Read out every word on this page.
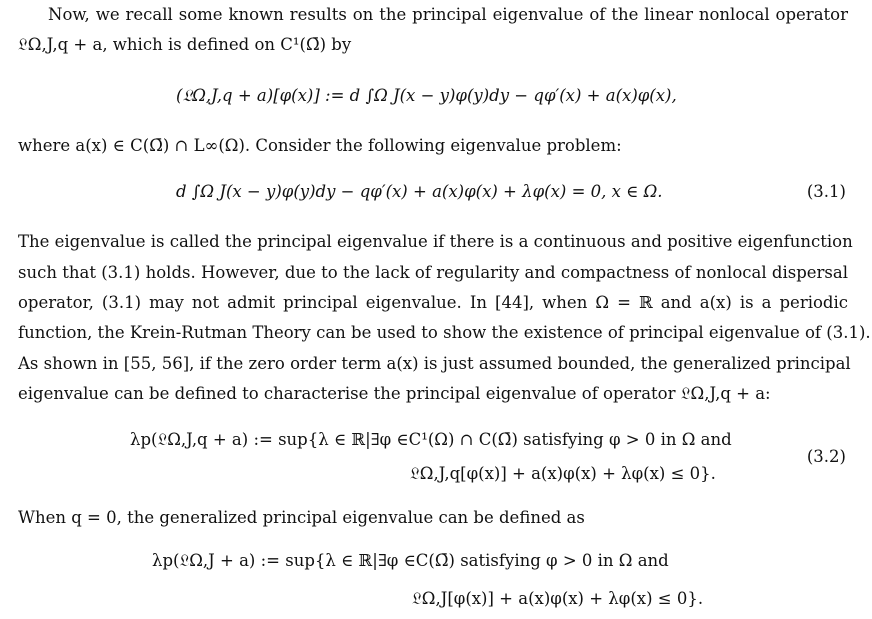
Now, we recall some known results on the principal eigenvalue of the linear nonlocal operator
𝔏Ω,J,q + a, which is defined on C¹(Ω̄) by
(𝔏Ω,J,q + a)[φ(x)] := d ∫Ω J(x − y)φ(y)dy − qφ′(x) + a(x)φ(x),
where a(x) ∈ C(Ω̄) ∩ L∞(Ω). Consider the following eigenvalue problem:
d ∫Ω J(x − y)φ(y)dy − qφ′(x) + a(x)φ(x) + λφ(x) = 0, x ∈ Ω.	(3.1)
The eigenvalue is called the principal eigenvalue if there is a continuous and positive eigenfunction
such that (3.1) holds. However, due to the lack of regularity and compactness of nonlocal dispersal
operator, (3.1) may not admit principal eigenvalue. In [44], when Ω = ℝ and a(x) is a periodic
function, the Krein-Rutman Theory can be used to show the existence of principal eigenvalue of (3.1).
As shown in [55, 56], if the zero order term a(x) is just assumed bounded, the generalized principal
eigenvalue can be defined to characterise the principal eigenvalue of operator 𝔏Ω,J,q + a:
λp(𝔏Ω,J,q + a) := sup{λ ∈ ℝ|∃φ ∈C¹(Ω) ∩ C(Ω̄) satisfying φ > 0 in Ω and
𝔏Ω,J,q[φ(x)] + a(x)φ(x) + λφ(x) ≤ 0}.
(3.2)
When q = 0, the generalized principal eigenvalue can be defined as
λp(𝔏Ω,J + a) := sup{λ ∈ ℝ|∃φ ∈C(Ω̄) satisfying φ > 0 in Ω and
𝔏Ω,J[φ(x)] + a(x)φ(x) + λφ(x) ≤ 0}.
